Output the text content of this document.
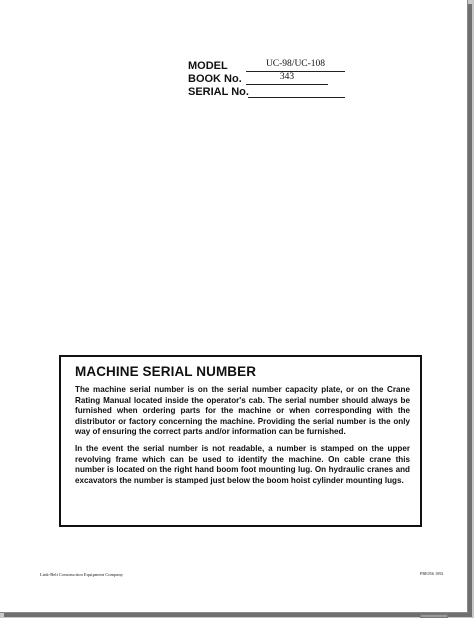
MODEL	UC-98/UC-108
BOOK No.	343
SERIAL No.
MACHINE SERIAL NUMBER

The machine serial number is on the serial number capacity plate, or on the Crane Rating Manual located inside the operator's cab. The serial number should always be furnished when ordering parts for the machine or when corresponding with the distributor or factory concerning the machine. Providing the serial number is the only way of ensuring the correct parts and/or information can be furnished.

In the event the serial number is not readable, a number is stamped on the upper revolving frame which can be used to identify the machine. On cable crane this number is located on the right hand boom foot mounting lug. On hydraulic cranes and excavators the number is stamped just below the boom hoist cylinder mounting lugs.

Link-Belt Construction Equipment Company	PRE056 1092
